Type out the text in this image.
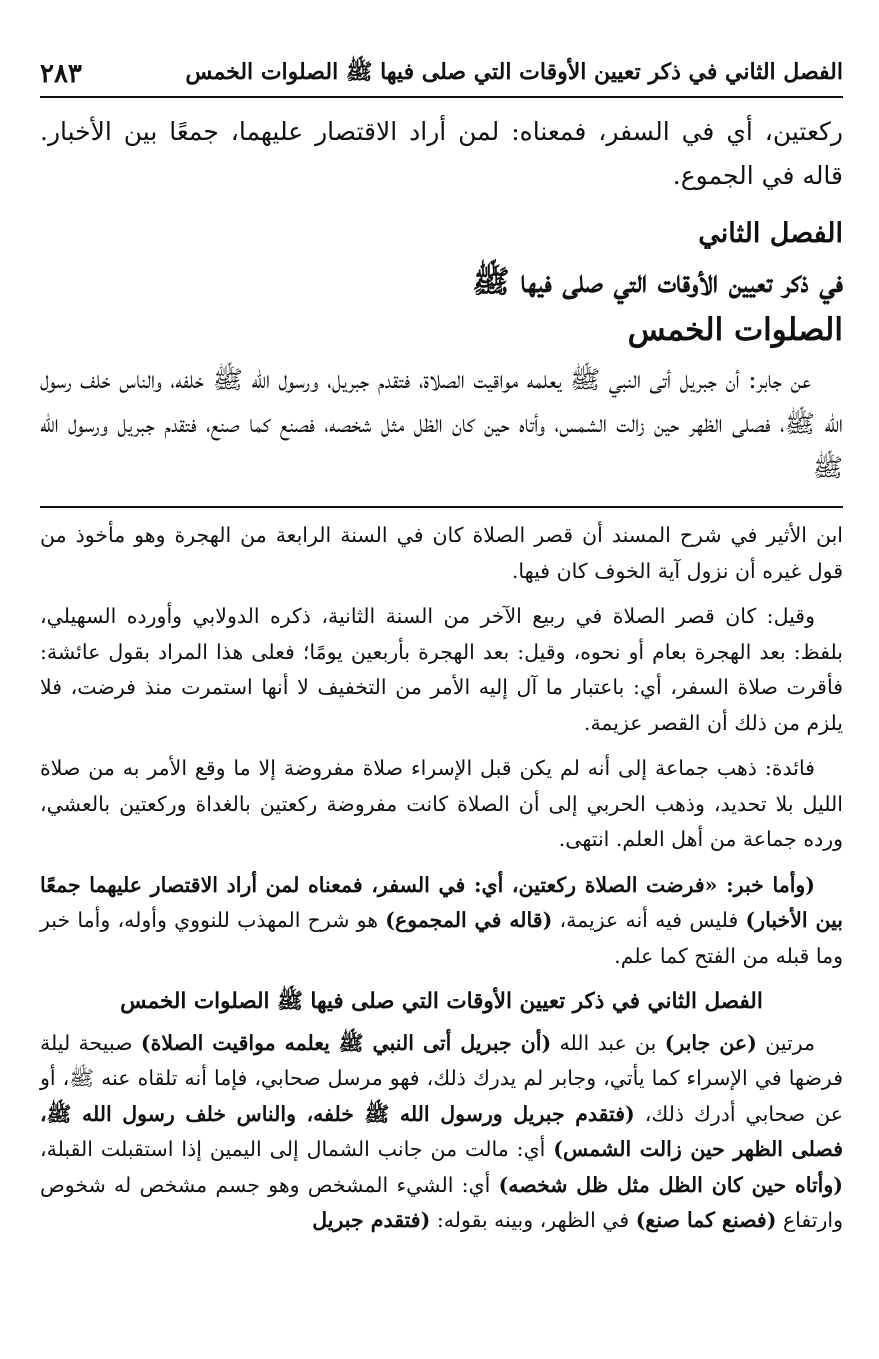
الفصل الثاني في ذكر تعيين الأوقات التي صلى فيها ﷺ الصلوات الخمس
٢٨٣

ركعتين، أي في السفر، فمعناه: لمن أراد الاقتصار عليهما، جمعًا بين الأخبار. قاله في الجموع.

الفصل الثاني
في ذكر تعيين الأوقات التي صلى فيها ﷺ
الصلوات الخمس

عن جابر: أن جبريل أتى النبي ﷺ يعلمه مواقيت الصلاة، فتقدم جبريل، ورسول الله ﷺ خلفه، والناس خلف رسول الله ﷺ، فصلى الظهر حين زالت الشمس، وأتاه حين كان الظل مثل شخصه، فصنع كما صنع، فتقدم جبريل ورسول الله ﷺ

ابن الأثير في شرح المسند أن قصر الصلاة كان في السنة الرابعة من الهجرة وهو مأخوذ من قول غيره أن نزول آية الخوف كان فيها.

وقيل: كان قصر الصلاة في ربيع الآخر من السنة الثانية، ذكره الدولابي وأورده السهيلي، بلفظ: بعد الهجرة بعام أو نحوه، وقيل: بعد الهجرة بأربعين يومًا؛ فعلى هذا المراد بقول عائشة: فأقرت صلاة السفر، أي: باعتبار ما آل إليه الأمر من التخفيف لا أنها استمرت منذ فرضت، فلا يلزم من ذلك أن القصر عزيمة.

فائدة: ذهب جماعة إلى أنه لم يكن قبل الإسراء صلاة مفروضة إلا ما وقع الأمر به من صلاة الليل بلا تحديد، وذهب الحربي إلى أن الصلاة كانت مفروضة ركعتين بالغداة وركعتين بالعشي، ورده جماعة من أهل العلم. انتهى.

(وأما خبر: «فرضت الصلاة ركعتين، أي: في السفر، فمعناه لمن أراد الاقتصار عليهما جمعًا بين الأخبار) فليس فيه أنه عزيمة، (قاله في المجموع) هو شرح المهذب للنووي وأوله، وأما خبر وما قبله من الفتح كما علم.

الفصل الثاني في ذكر تعيين الأوقات التي صلى فيها ﷺ الصلوات الخمس

مرتين (عن جابر) بن عبد الله (أن جبريل أتى النبي ﷺ يعلمه مواقيت الصلاة) صبيحة ليلة فرضها في الإسراء كما يأتي، وجابر لم يدرك ذلك، فهو مرسل صحابي، فإما أنه تلقاه عنه ﷺ، أو عن صحابي أدرك ذلك، (فتقدم جبريل ورسول الله ﷺ خلفه، والناس خلف رسول الله ﷺ، فصلى الظهر حين زالت الشمس) أي: مالت من جانب الشمال إلى اليمين إذا استقبلت القبلة، (وأتاه حين كان الظل مثل ظل شخصه) أي: الشيء المشخص وهو جسم مشخص له شخوص وارتفاع (فصنع كما صنع) في الظهر، وبينه بقوله: (فتقدم جبريل
